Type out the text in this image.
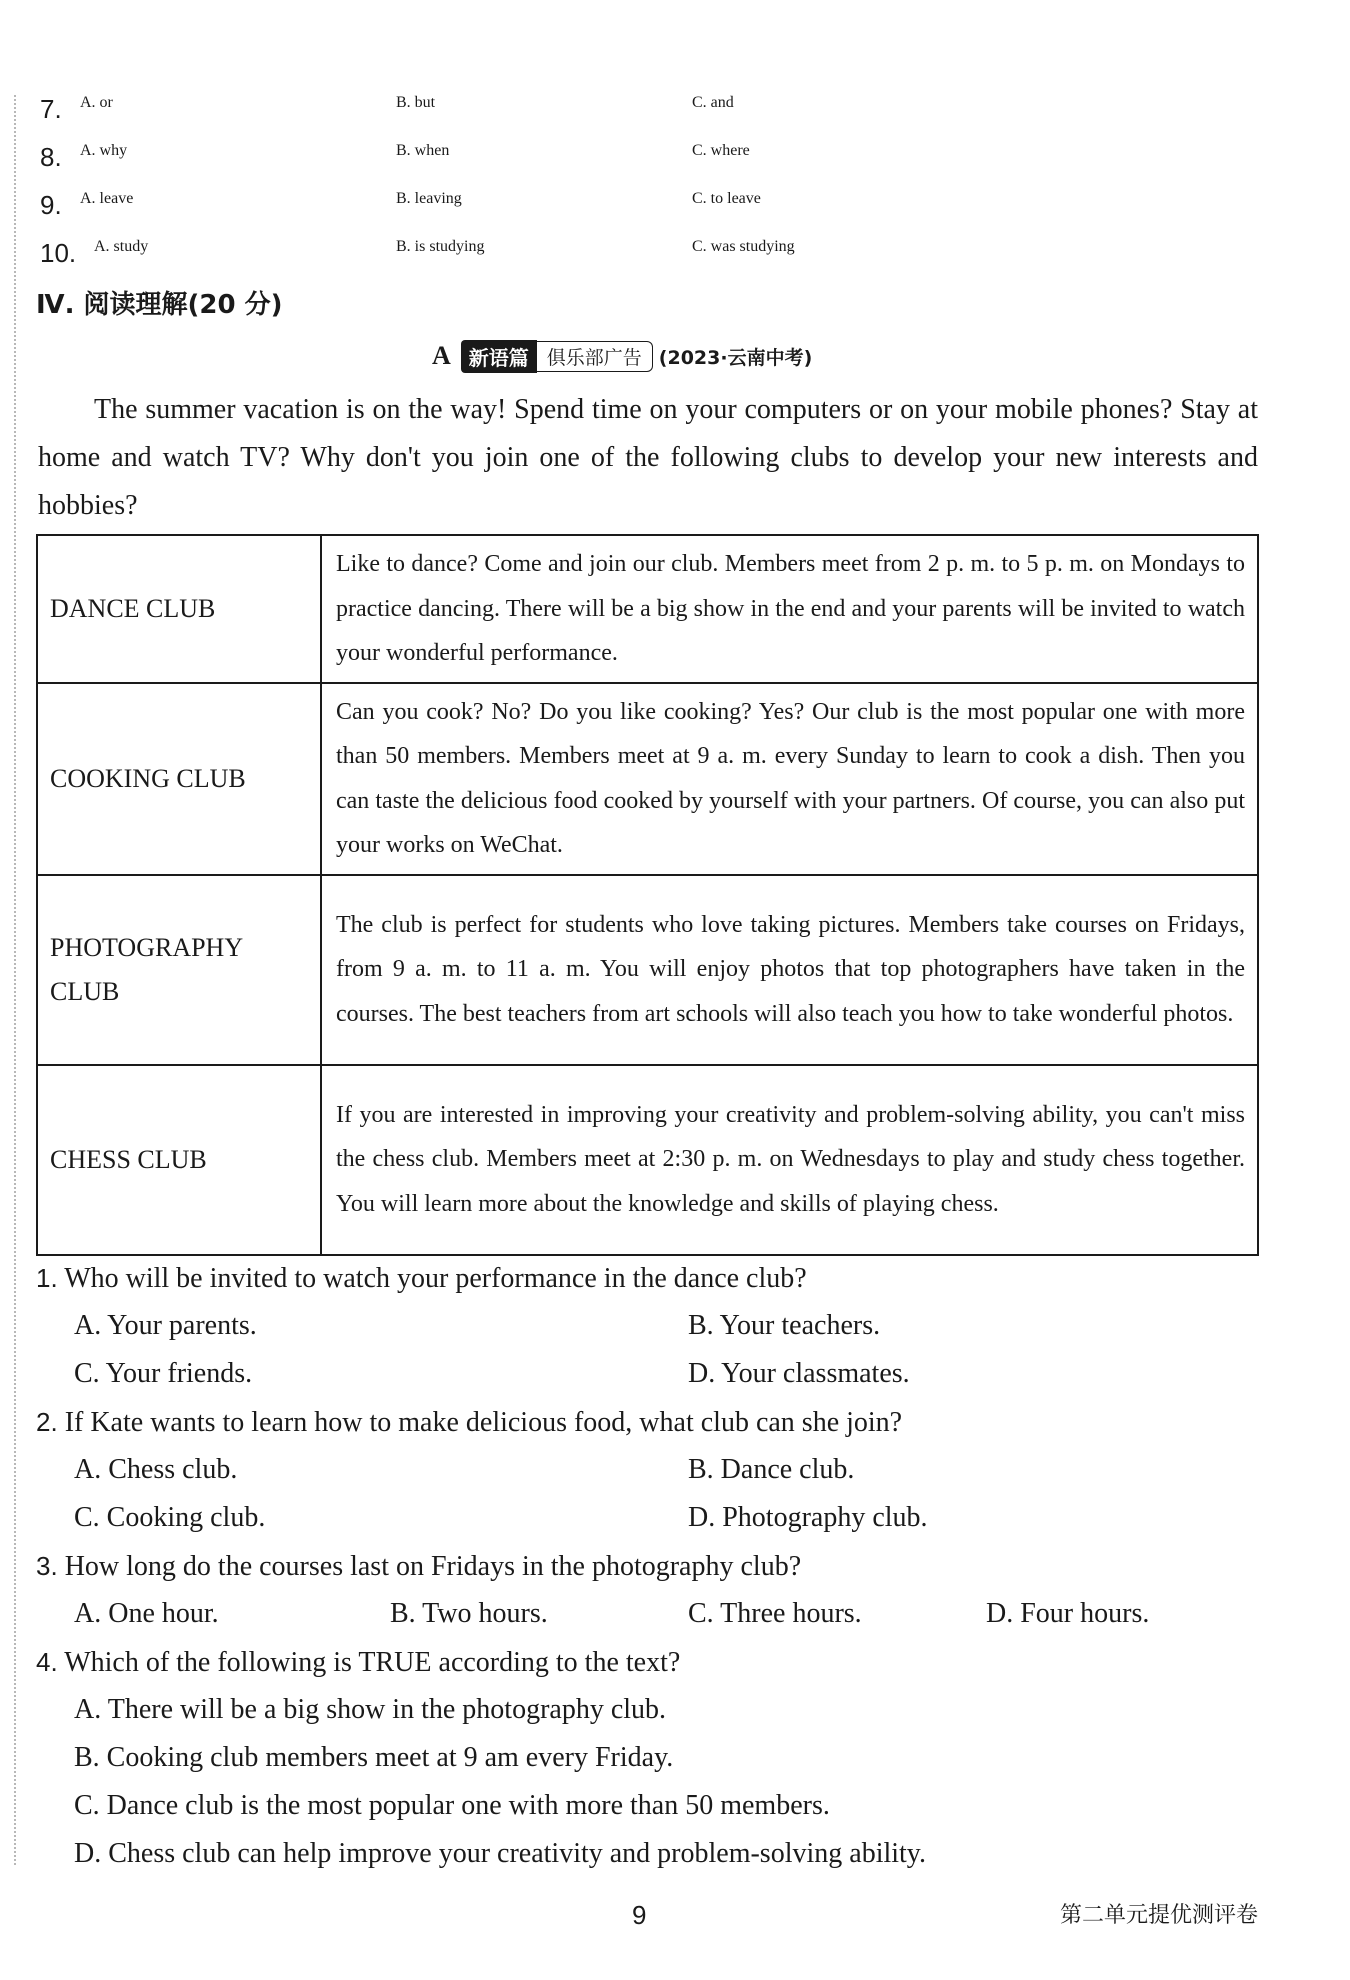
7. A. or	B. but	C. and
8. A. why	B. when	C. where
9. A. leave	B. leaving	C. to leave
10. A. study	B. is studying	C. was studying
Ⅳ. 阅读理解(20 分)
A 新语篇 俱乐部广告 (2023·云南中考)

The summer vacation is on the way! Spend time on your computers or on your mobile phones? Stay at home and watch TV? Why don't you join one of the following clubs to develop your new interests and hobbies?

DANCE CLUB	Like to dance? Come and join our club. Members meet from 2 p. m. to 5 p. m. on Mondays to practice dancing. There will be a big show in the end and your parents will be invited to watch your wonderful performance.
COOKING CLUB	Can you cook? No? Do you like cooking? Yes? Our club is the most popular one with more than 50 members. Members meet at 9 a. m. every Sunday to learn to cook a dish. Then you can taste the delicious food cooked by yourself with your partners. Of course, you can also put your works on WeChat.
PHOTOGRAPHY CLUB	The club is perfect for students who love taking pictures. Members take courses on Fridays, from 9 a. m. to 11 a. m. You will enjoy photos that top photographers have taken in the courses. The best teachers from art schools will also teach you how to take wonderful photos.
CHESS CLUB	If you are interested in improving your creativity and problem-solving ability, you can't miss the chess club. Members meet at 2:30 p. m. on Wednesdays to play and study chess together. You will learn more about the knowledge and skills of playing chess.
1. Who will be invited to watch your performance in the dance club?
A. Your parents.	B. Your teachers.
C. Your friends.	D. Your classmates.
2. If Kate wants to learn how to make delicious food, what club can she join?
A. Chess club.	B. Dance club.
C. Cooking club.	D. Photography club.
3. How long do the courses last on Fridays in the photography club?
A. One hour.	B. Two hours.	C. Three hours.	D. Four hours.
4. Which of the following is TRUE according to the text?
A. There will be a big show in the photography club.
B. Cooking club members meet at 9 am every Friday.
C. Dance club is the most popular one with more than 50 members.
D. Chess club can help improve your creativity and problem-solving ability.
9	第二单元提优测评卷
